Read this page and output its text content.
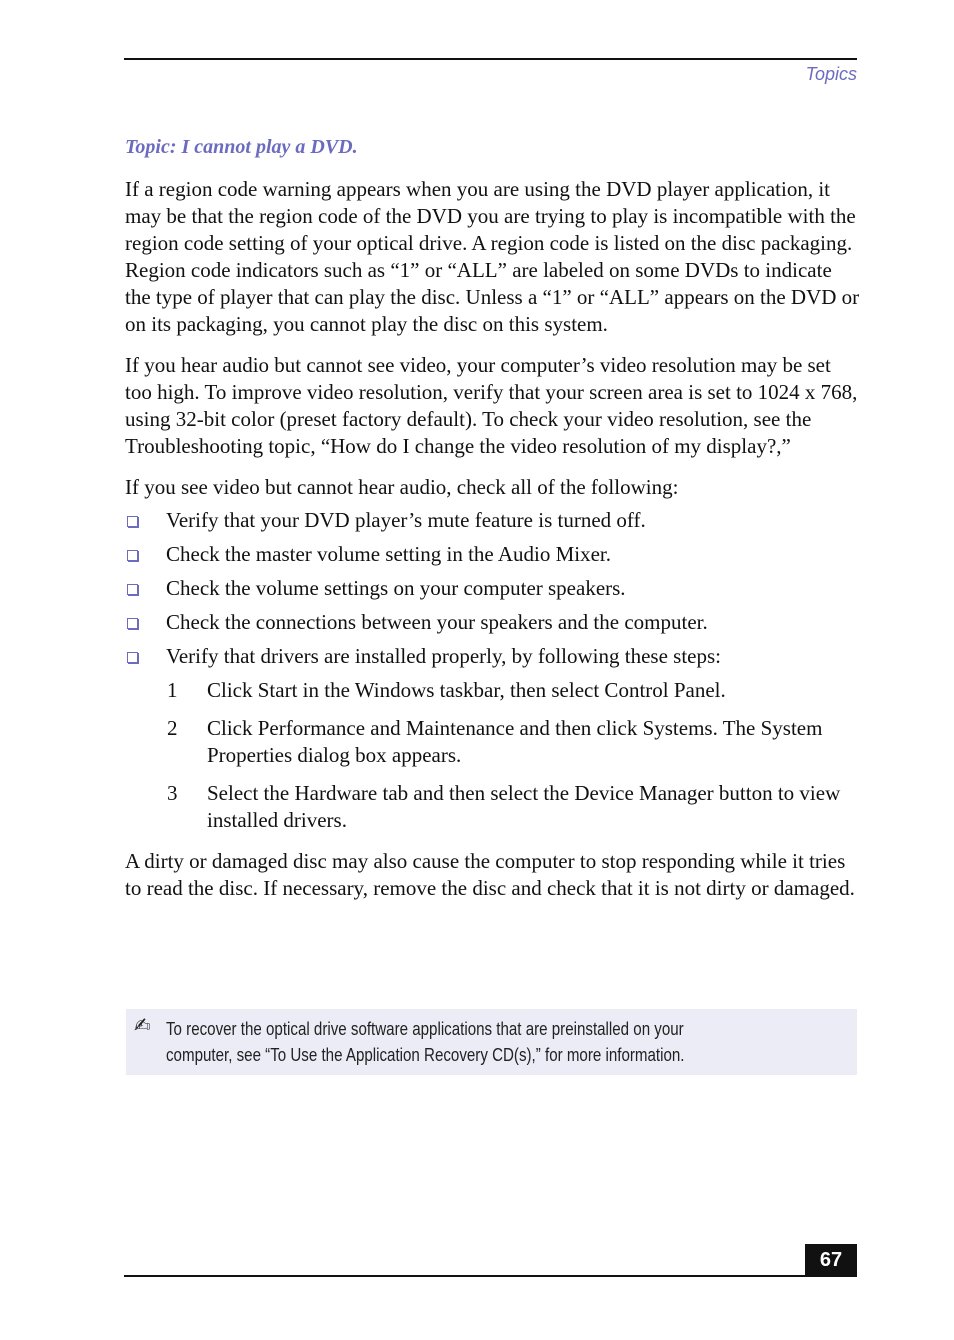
Topics
Topic: I cannot play a DVD.

If a region code warning appears when you are using the DVD player application, it may be that the region code of the DVD you are trying to play is incompatible with the region code setting of your optical drive. A region code is listed on the disc packaging. Region code indicators such as “1” or “ALL” are labeled on some DVDs to indicate the type of player that can play the disc. Unless a “1” or “ALL” appears on the DVD or on its packaging, you cannot play the disc on this system.

If you hear audio but cannot see video, your computer’s video resolution may be set too high. To improve video resolution, verify that your screen area is set to 1024 x 768, using 32-bit color (preset factory default). To check your video resolution, see the Troubleshooting topic, “How do I change the video resolution of my display?,”

If you see video but cannot hear audio, check all of the following:

Verify that your DVD player’s mute feature is turned off.
Check the master volume setting in the Audio Mixer.
Check the volume settings on your computer speakers.
Check the connections between your speakers and the computer.
Verify that drivers are installed properly, by following these steps:
1 Click Start in the Windows taskbar, then select Control Panel.
2 Click Performance and Maintenance and then click Systems. The System Properties dialog box appears.
3 Select the Hardware tab and then select the Device Manager button to view installed drivers.

A dirty or damaged disc may also cause the computer to stop responding while it tries to read the disc. If necessary, remove the disc and check that it is not dirty or damaged.

✍ To recover the optical drive software applications that are preinstalled on your
computer, see “To Use the Application Recovery CD(s),” for more information.
67
